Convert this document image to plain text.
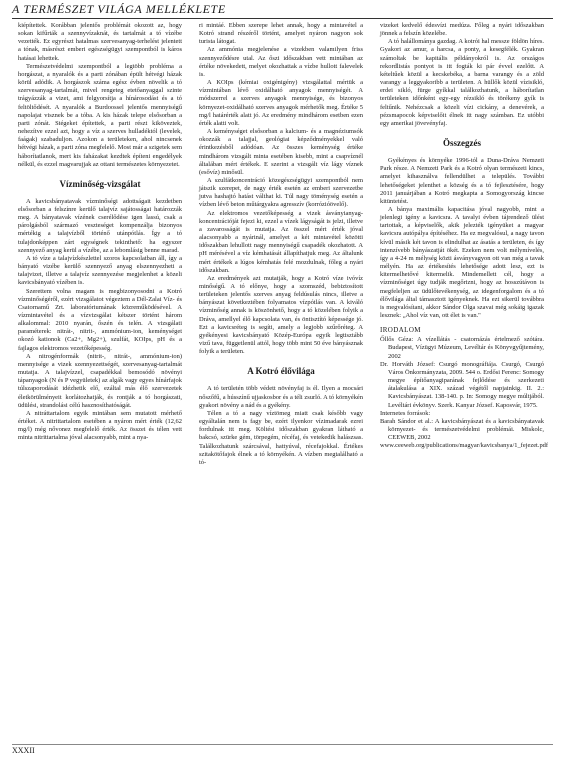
A TERMÉSZET VILÁGA MELLÉKLETE

kiépítettek. Korábban jelentős problémát okozott az, hogy sokan kifűrták a szennyvízaknát, és tartalmát a tó vízébe vezették. Ez egyrészt hatalmas szervesanyag-terhelést jelentett a tónak, másrészt emberi egészségügyi szempontból is káros hatásai lehettek.

Természetvédelmi szempontból a legtöbb probléma a horgászat, a nyaralók és a parti zónában épült hétvégi házak körül adódik. A horgászok száma egész évben növelik a tó szervesanyag-tartalmát, mivel rengeteg etetőanyaggal szinte trágyázzák a vizet, ami felgyorsítja a hínárosodást és a tó feltöltődését. A nyaralók a Burdoossel jelentős mennyiségű napolajat visznek be a tóba. A kis házak telepe elsősorban a parti zónát. Stégeket építettek, a parti részt kiköveztek, nehezítve ezzel azt, hogy a víz a szerves hulladéktól (levelek, faágak) szabaduljon. Azokon a területeken, ahol nincsenek hétvégi házak, a parti zóna megfelelő. Most már a szigetek sem háborítatlanok, mert kis faházakat kezdtek építeni engedélyek nélkül, és ezzel magvarujjak az ottani természetes környezetet.

Vízminőség-vizsgálat

A kavicsbányatavak vízminőségi adottságait kezdetben elsősorban a felszínre kerülő talajvíz sajátosságai határozzák meg. A bányatavak vízének cserélődése igen lassú, csak a párolgásból származó veszteséget kompenzálja bizonyos mértékig a talajvízből történő utánpótlás. Így a tó tulajdonképpen zárt egységnek tekinthető: ha egyszer szennyező anyag kerül a vízébe, az a lebomlásig benne marad.

A tó víze a talajvízkészlettel szoros kapcsolatban áll, így a bányató vizébe kerülő szennyező anyag elszennyezheti a talajvizet, illetve a talajvíz szennyezése megjelenhet a közeli kavicsbányató vízében is.

Szerettem volna magam is megbizonyosodni a Kotró vízminőségéről, ezért vizsgálatot végeztem a Dél-Zalai Víz- és Csatornamű Zrt. laboratóriumának közreműködésével. A vízmintavétel és a vízvizsgálat kétszer történt három alkalommal: 2010 nyarán, őszén és telén. A vizsgálati paraméterek: nitrát-, nitrit-, ammónium-ion, keménységet okozó kationok (Ca2+, Mg2+), szulfát, KOIps, pH és a fajlagos elektromos vezetőképesség.

A nitrogénformák (nitrit-, nitrát-, ammónium-ion) mennyisége a vizek szennyezettségét, szervesanyag-tartalmát mutatja. A talajvízzel, csapadékkal bemosódó növényi tápanyagok (N és P vegyületek) az algák vagy egyes hínárfajok túlszaporodását idézhetik elő, ezáltal más élő szervezetek életkörülményeit korlátozhatják, és rontják a tó horgászati, üdülési, strandolási célú hasznosíthatóságát.

A nitráttartalom egyik mintában sem mutatott mérhető értéket. A nitrittartalom esetében a nyáron mért érték (12,62 mg/l) még nővonez megfelelő érték. Az összei és télen vett minta nitrittartalma jóval alacsonyabb, mint a nya-

ri mintáé. Ebben szerepe lehet annak, hogy a mintavétel a Kotró strand részéről történt, amelyet nyáron nagyon sok turista látogat.

Az ammónia megjelenése a vizekben valamilyen friss szennyeződésre utal. Az őszi időszakban vett mintában az értéke növekedett, melyet okozhattak a vízbe hullott falevelek is.

A KOIps (kémiai oxigénigény) vizsgálattal mértük a vízmintában lévő oxidálható anyagok mennyiségét. A módszerrel a szerves anyagok mennyisége, és bizonyos környezet-oxidálható szerves anyagok mérhetők meg. Értéke 5 mg/l határérték alatt jó. Az eredmény mindhárom esetben ezen érték alatti volt.

A keménységet elsősorban a kalcium- és a magnéziumsók okozzák a talajjal, geológiai képződményekkel való érintkezésből adódóan. Az összes keménység értéke mindhárom vizsgált minta esetében kisebb, mint a csapvíznél általában mért értékek. E szerint a vizsgált víz lágy víznek (esővíz) minősül.

A szulfátkoncentráció közegészségügyi szempontból nem játszik szerepet, de nagy érték esetén az emberi szervezetbe jutva hashajtó hatást válthat ki. Túl nagy töménység esetén a vízben lévő beton műtárgyakra agresszív (korrózióövelő).

Az elektromos vezetőképesség a vizek ásványianyag-koncentrációját fejezi ki, ezzel a vízek lágyságát is jelzi, illetve a zavarosságát is mutatja. Az összel mért érték jóval alacsonyabb a nyárinál, amelyet a két mintavétel közötti időszakban lehullott nagy mennyiségű csapadék okozhatott. A pH mérésével a víz kémhatását állapíthatjuk meg. Az általunk mért értékek a lúgos kémhatás felé mozdulnak, főleg a nyári időszakban.

Az eredmények azt mutatják, hogy a Kotró víze ivóvíz minőségű. A tó előnye, hogy a szomszéd, bebiztosított területeken jelentős szerves anyag feldúsulás nincs, illetve a bányászat következtében folyamatos vízpótlás van. A kiváló vízminőség annak is köszönhető, hogy a tó közelében folyik a Dráva, amellyel élő kapcsolata van, és öntisztító képessége jó. Ezt a kavicsréteg is segíti, amely a legjobb szűrőréteg. A gyékényesi kavicsbányató Közép-Európa egyik legtisztább vizű tava, függetlenül attól, hogy több mint 50 éve bányásznak folyik a területen.

A Kotró élővilága

A tó területén több védett növényfaj is él. Ilyen a mocsári nőszőfű, a hússzínű ujjaskosbor és a téli zsurló. A tó környékén gyakori növény a nád és a gyékény.

Télen a tó a nagy víztömeg miatt csak később vagy egyáltalán nem is fagy be, ezért ilyenkor vízimadarak ezrei fordulnak itt meg. Költési időszakban gyakran látható a bakcsó, szürke gém, törpegém, récéfaj, és vetekedik halászsas. Találkozhatunk szárcsával, hattyúval, récefajokkal. Értékes szitakötőfajok élnek a tó környékén. A vízben megtalálható a tó-

vizeket kedvelő édesvízi medúza. Főleg a nyári időszakban jönnek a felszín közelébe.

A tó halállománya gazdag. A kotrói hal messze földön híres. Gyakori az amur, a harcsa, a ponty, a kesegfélék. Gyakran számoltak be kapitális példányokról is. Az országos rekordlistás pontyot is itt fogták ki pár évvel ezelőtt. A kételtűek közül a kecskebéka, a barna varangy és a zöld varangy a leggyakoribb a területen. A hüllők közül vízisikló, erdei sikló, fürge gyíkkal találkozhatunk, a háborítatlan területeken időnként egy-egy rézsikló és törékeny gyík is feltűnik. Nehézcsak a közeli vízi cickány, a denevérek, a pézsmapocok képviselőit élnek itt nagy számban. Ez utóbbi egy amerikai jövevényfaj.

Összegzés

Gyékényes és környéke 1996-tól a Duna-Dráva Nemzeti Park része. A Nemzeti Park és a Kotró olyan természeti kincs, amelyet kihasználva fellendülhet a település. További lehetőségeket jelenthet a község és a tó fejlesztésére, hogy 2011 januárjában a Kotró megkapta a Somogyország kincse kitüntetést.

A bánya maximális kapacitása jóval nagyobb, mint a jelenlegi igény a kavicsra. A tavalyi évben tájrendező ülést tartottak, a képviselők, akik jelezték igényüket a magyar kavicsra autópálya építéséhez. Ha ez megvalósul, a nagy tavon kívül másik két tavon is elindulhat az ásatás a területen, és így intenzívebb bányászatját ökét. Ezeken nem volt mélymívelés, így a 4-24 m mélység közti ásványvagyon ott van még a tavak mélyén. Ha az értékesítés lehetősége adott lesz, ezt is kitermelhetővé kitermelik. Mindemellett cél, hogy a vízminőséget úgy tudják megőrizni, hogy az hosszútávon is megfeleljen az üdülőtevékenység, az idegenforgalom és a tó élővilága által támasztott igényeknek. Ha ezt sikerül továbbra is megvalósítani, akkor Sándor Olga szavai még sokáig igazak lesznek: „Ahol víz van, ott élet is van."

IRODALOM

Őllős Géza: A vízellátás - csatornázás értelmező szótára. Budapest, Vízügyi Múzeum, Levéltár és Könyvgyűjtemény, 2002

Dr. Horváth József: Csurgó monográfiája. Csurgó, Csurgó Város Önkormányzata, 2009. 544 o. Erdősi Ferenc: Somogy megye építőanyagiparának fejlődése és szerkezeti átalakulása a XIX. század végétől napjainkig. II. 2.: Kavicsbányászat. 138-140. p. In: Somogy megye múltjából. Levéltári évkönyv. Szerk. Kanyar József. Kaposvár, 1975.

Internetes források:

Barah Sándor et al.: A kavicsbányászat és a kavicsbányatavak környezet- és természetvédelmi problémái. Miskolc, CEEWEB, 2002

www.ceeweb.org/publications/magyar/kavicsbanya/1_fejezet.pdf

XXXII
